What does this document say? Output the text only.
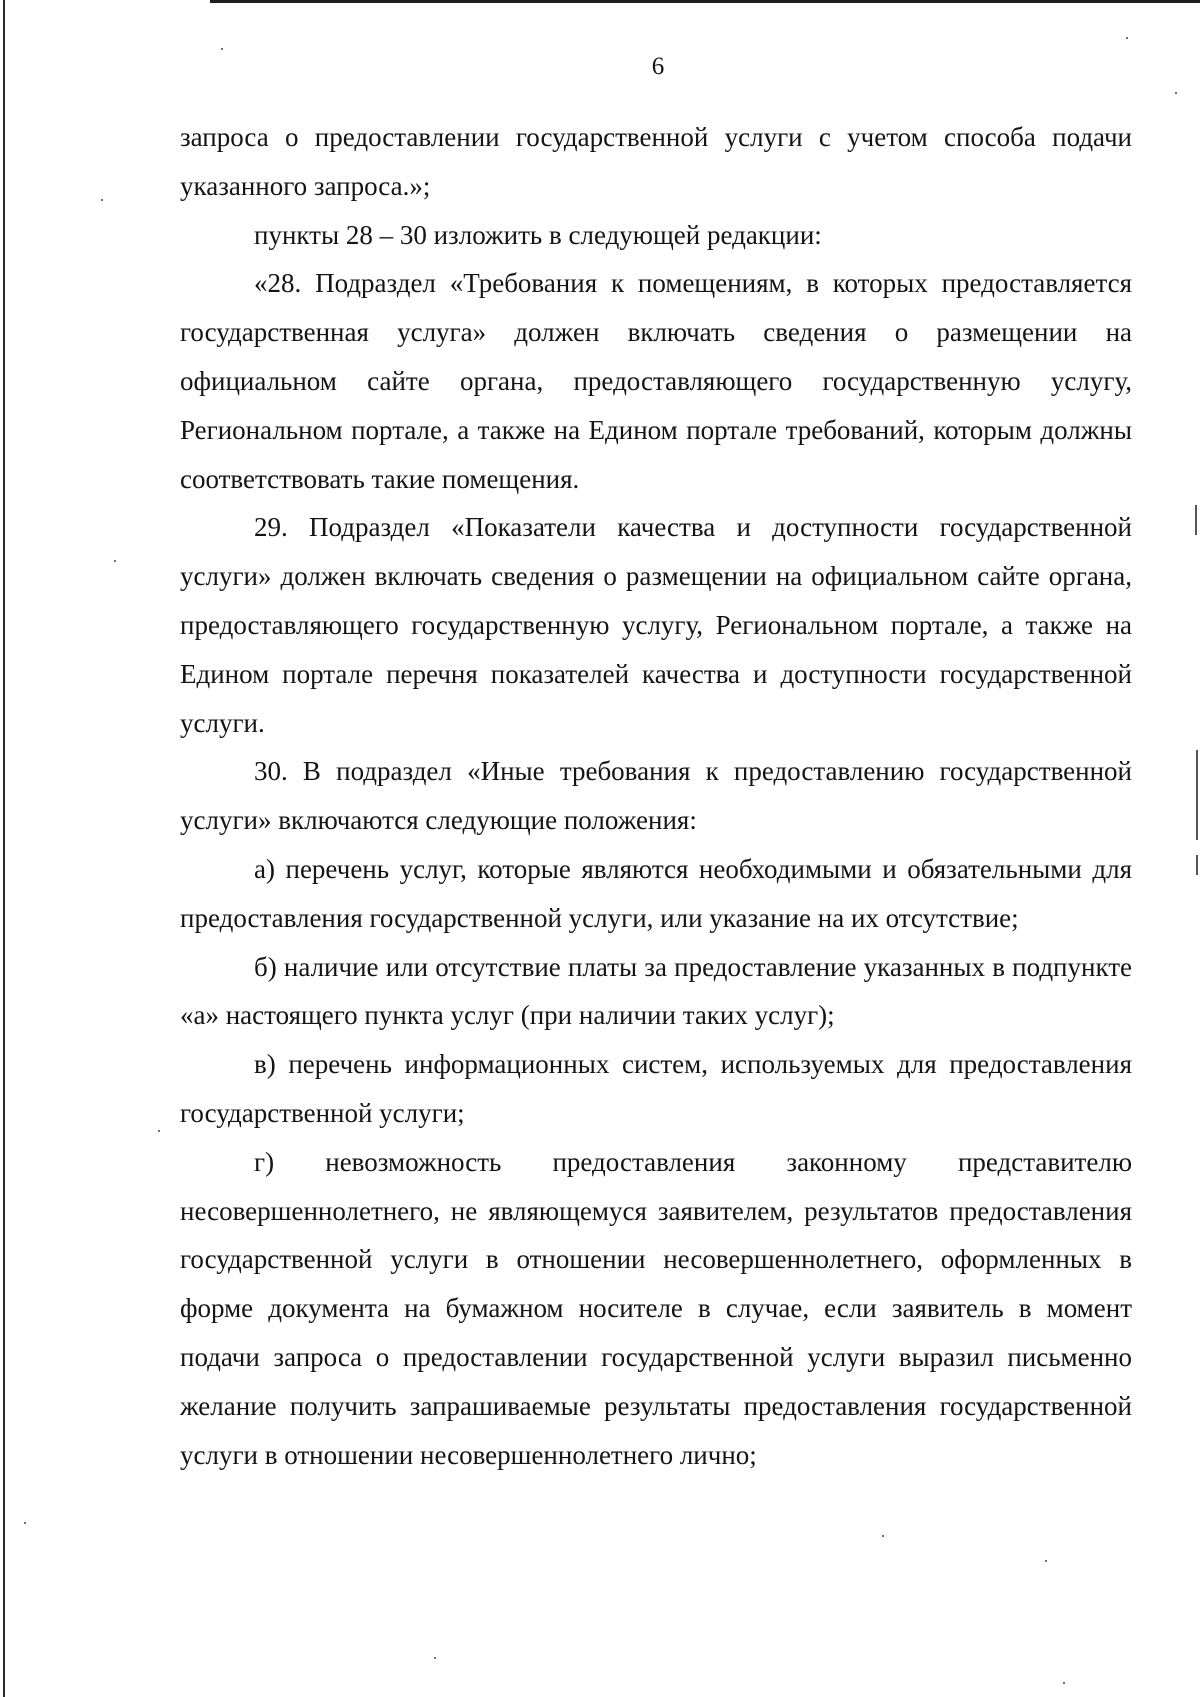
6

запроса о предоставлении государственной услуги с учетом способа подачи указанного запроса.»;

пункты 28 – 30 изложить в следующей редакции:

«28. Подраздел «Требования к помещениям, в которых предоставляется государственная услуга» должен включать сведения о размещении на официальном сайте органа, предоставляющего государственную услугу, Региональном портале, а также на Едином портале требований, которым должны соответствовать такие помещения.

29. Подраздел «Показатели качества и доступности государственной услуги» должен включать сведения о размещении на официальном сайте органа, предоставляющего государственную услугу, Региональном портале, а также на Едином портале перечня показателей качества и доступности государственной услуги.

30. В подраздел «Иные требования к предоставлению государственной услуги» включаются следующие положения:

а) перечень услуг, которые являются необходимыми и обязательными для предоставления государственной услуги, или указание на их отсутствие;

б) наличие или отсутствие платы за предоставление указанных в подпункте «а» настоящего пункта услуг (при наличии таких услуг);

в) перечень информационных систем, используемых для предоставления государственной услуги;

г) невозможность предоставления законному представителю несовершеннолетнего, не являющемуся заявителем, результатов предоставления государственной услуги в отношении несовершеннолетнего, оформленных в форме документа на бумажном носителе в случае, если заявитель в момент подачи запроса о предоставлении государственной услуги выразил письменно желание получить запрашиваемые результаты предоставления государственной услуги в отношении несовершеннолетнего лично;
